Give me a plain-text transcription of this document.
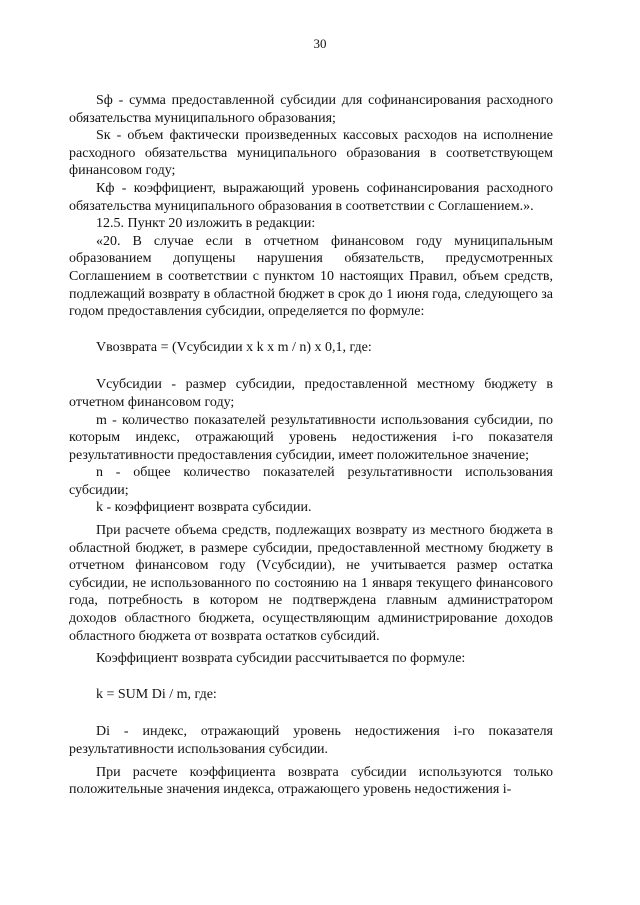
30

Sф - сумма предоставленной субсидии для софинансирования расходного обязательства муниципального образования;

Sк - объем фактически произведенных кассовых расходов на исполнение расходного обязательства муниципального образования в соответствующем финансовом году;

Кф - коэффициент, выражающий уровень софинансирования расходного обязательства муниципального образования в соответствии с Соглашением.».

12.5. Пункт 20 изложить в редакции:

«20. В случае если в отчетном финансовом году муниципальным образованием допущены нарушения обязательств, предусмотренных Соглашением в соответствии с пунктом 10 настоящих Правил, объем средств, подлежащий возврату в областной бюджет в срок до 1 июня года, следующего за годом предоставления субсидии, определяется по формуле:

Vвозврата = (Vсубсидии x k x m / n) x 0,1, где:

Vсубсидии - размер субсидии, предоставленной местному бюджету в отчетном финансовом году;

m - количество показателей результативности использования субсидии, по которым индекс, отражающий уровень недостижения i-го показателя результативности предоставления субсидии, имеет положительное значение;

n - общее количество показателей результативности использования субсидии;

k - коэффициент возврата субсидии.

При расчете объема средств, подлежащих возврату из местного бюджета в областной бюджет, в размере субсидии, предоставленной местному бюджету в отчетном финансовом году (Vсубсидии), не учитывается размер остатка субсидии, не использованного по состоянию на 1 января текущего финансового года, потребность в котором не подтверждена главным администратором доходов областного бюджета, осуществляющим администрирование доходов областного бюджета от возврата остатков субсидий.

Коэффициент возврата субсидии рассчитывается по формуле:

k = SUM Di / m, где:

Di - индекс, отражающий уровень недостижения i-го показателя результативности использования субсидии.

При расчете коэффициента возврата субсидии используются только положительные значения индекса, отражающего уровень недостижения i-
